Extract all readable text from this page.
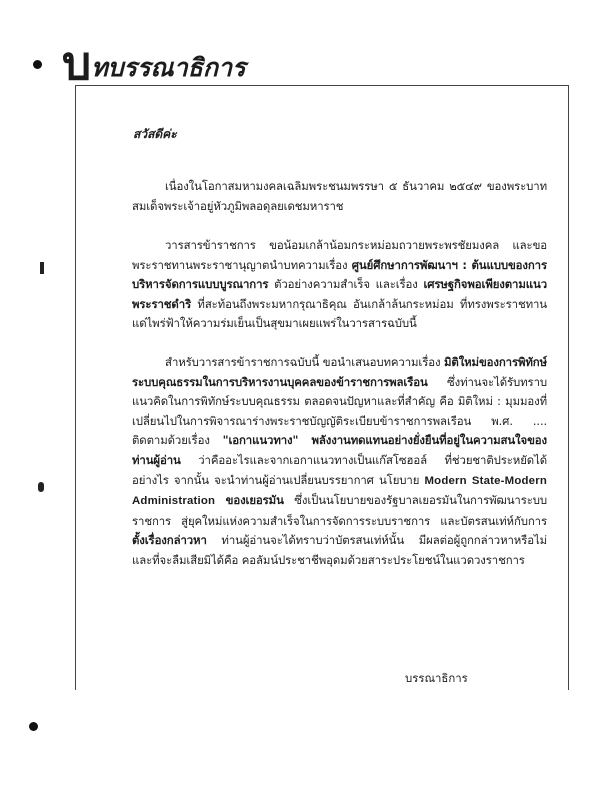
บทบรรณาธิการ
สวัสดีค่ะ

เนื่องในโอกาสมหามงคลเฉลิมพระชนมพรรษา ๕ ธันวาคม ๒๕๔๙ ของพระบาทสมเด็จพระเจ้าอยู่หัวภูมิพลอดุลยเดชมหาราช

วารสารข้าราชการ ขอน้อมเกล้าน้อมกระหม่อมถวายพระพรชัยมงคล และขอพระราชทานพระราชานุญาตนำบทความเรื่อง ศูนย์ศึกษาการพัฒนาฯ : ต้นแบบของการบริหารจัดการแบบบูรณาการ ตัวอย่างความสำเร็จ และเรื่อง เศรษฐกิจพอเพียงตามแนวพระราชดำริ ที่สะท้อนถึงพระมหากรุณาธิคุณ อันเกล้าล้นกระหม่อม ที่ทรงพระราชทานแด่ไพร่ฟ้าให้ความร่มเย็นเป็นสุขมาเผยแพร่ในวารสารฉบับนี้

สำหรับวารสารข้าราชการฉบับนี้ ขอนำเสนอบทความเรื่อง มิติใหม่ของการพิทักษ์ระบบคุณธรรมในการบริหารงานบุคคลของข้าราชการพลเรือน ซึ่งท่านจะได้รับทราบแนวคิดในการพิทักษ์ระบบคุณธรรม ตลอดจนปัญหาและที่สำคัญ คือ มิติใหม่ : มุมมองที่เปลี่ยนไปในการพิจารณาร่างพระราชบัญญัติระเบียบข้าราชการพลเรือน พ.ศ. .... ติดตามด้วยเรื่อง "เอกาแนวทาง" พลังงานทดแทนอย่างยั่งยืนที่อยู่ในความสนใจของท่านผู้อ่าน ว่าคืออะไรและจากเอกาแนวทางเป็นแก๊สโซฮอล์ ที่ช่วยชาติประหยัดได้อย่างไร จากนั้น จะนำท่านผู้อ่านเปลี่ยนบรรยากาศ นโยบาย Modern State-Modern Administration ของเยอรมัน ซึ่งเป็นนโยบายของรัฐบาลเยอรมันในการพัฒนาระบบราชการ สู่ยุคใหม่แห่งความสำเร็จในการจัดการระบบราชการ และบัตรสนเท่ห์กับการ ตั้งเรื่องกล่าวหา ท่านผู้อ่านจะได้ทราบว่าบัตรสนเท่ห์นั้น มีผลต่อผู้ถูกกล่าวหาหรือไม่ และที่จะลืมเสียมิได้คือ คอลัมน์ประชาชีพอุดมด้วยสาระประโยชน์ในแวดวงราชการ

บรรณาธิการ
